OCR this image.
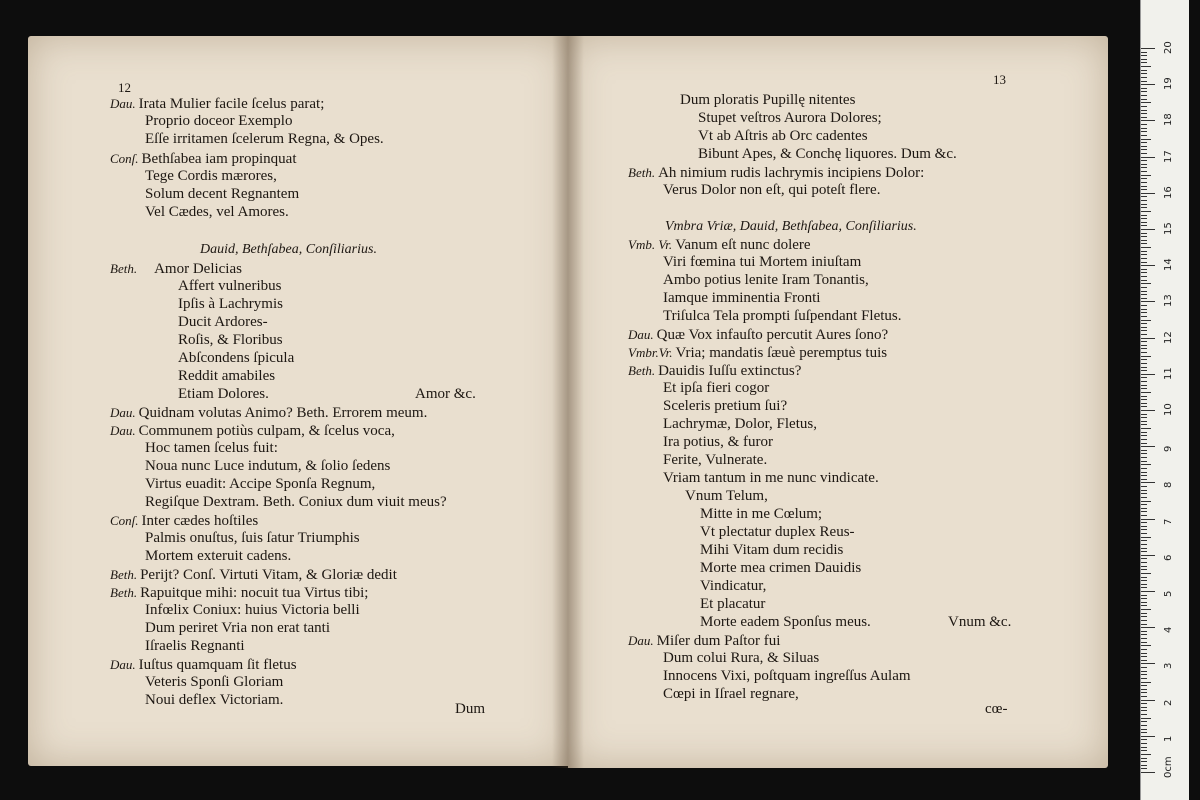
12
13
Dau. Irata Mulier facile ſcelus parat;
Proprio doceor Exemplo
Eſſe irritamen ſcelerum Regna, & Opes.
Conſ. Bethſabea iam propinquat
Tege Cordis mærores,
Solum decent Regnantem
Vel Cædes, vel Amores.
Dauid, Bethſabea, Conſiliarius.
Beth. Amor Delicias
Affert vulneribus
Ipſis à Lachrymis
Ducit Ardores-
Roſis, & Floribus
Abſcondens ſpicula
Reddit amabiles
Etiam Dolores.	Amor &c.
Dau. Quidnam volutas Animo? Beth. Errorem meum.
Dau. Communem potiùs culpam, & ſcelus voca,
Hoc tamen ſcelus fuit:
Noua nunc Luce indutum, & ſolio ſedens
Virtus euadit: Accipe Sponſa Regnum,
Regiſque Dextram. Beth. Coniux dum viuit meus?
Conſ. Inter cædes hoſtiles
Palmis onuſtus, ſuis ſatur Triumphis
Mortem exteruit cadens.
Beth. Perijt? Conſ. Virtuti Vitam, & Gloriæ dedit
Beth. Rapuitque mihi: nocuit tua Virtus tibi;
Infœlix Coniux: huius Victoria belli
Dum periret Vria non erat tanti
Iſraelis Regnanti
Dau. Iuſtus quamquam ſit fletus
Veteris Sponſi Gloriam
Noui deflex Victoriam.
Dum
Dum ploratis Pupillę nitentes
Stupet veſtros Aurora Dolores;
Vt ab Aſtris ab Orc cadentes
Bibunt Apes, & Conchę liquores. Dum &c.
Beth. Ah nimium rudis lachrymis incipiens Dolor:
Verus Dolor non eſt, qui poteſt flere.
Vmbra Vriæ, Dauid, Bethſabea, Conſiliarius.
Vmb. Vr. Vanum eſt nunc dolere
Viri fœmina tui Mortem iniuſtam
Ambo potius lenite Iram Tonantis,
Iamque imminentia Fronti
Triſulca Tela prompti ſuſpendant Fletus.
Dau. Quæ Vox infauſto percutit Aures ſono?
Vmbr.Vr. Vria; mandatis ſæuè peremptus tuis
Beth. Dauidis Iuſſu extinctus?
Et ipſa fieri cogor
Sceleris pretium ſui?
Lachrymæ, Dolor, Fletus,
Ira potius, & furor
Ferite, Vulnerate.
Vriam tantum in me nunc vindicate.
Vnum Telum,
Mitte in me Cœlum;
Vt plectatur duplex Reus-
Mihi Vitam dum recidis
Morte mea crimen Dauidis
Vindicatur,
Et placatur
Morte eadem Sponſus meus.	Vnum &c.
Dau. Miſer dum Paſtor fui
Dum colui Rura, & Siluas
Innocens Vixi, poſtquam ingreſſus Aulam
Cœpi in Iſrael regnare,
cœ-
0cm
1
2
3
4
5
6
7
8
9
10
11
12
13
14
15
16
17
18
19
20
